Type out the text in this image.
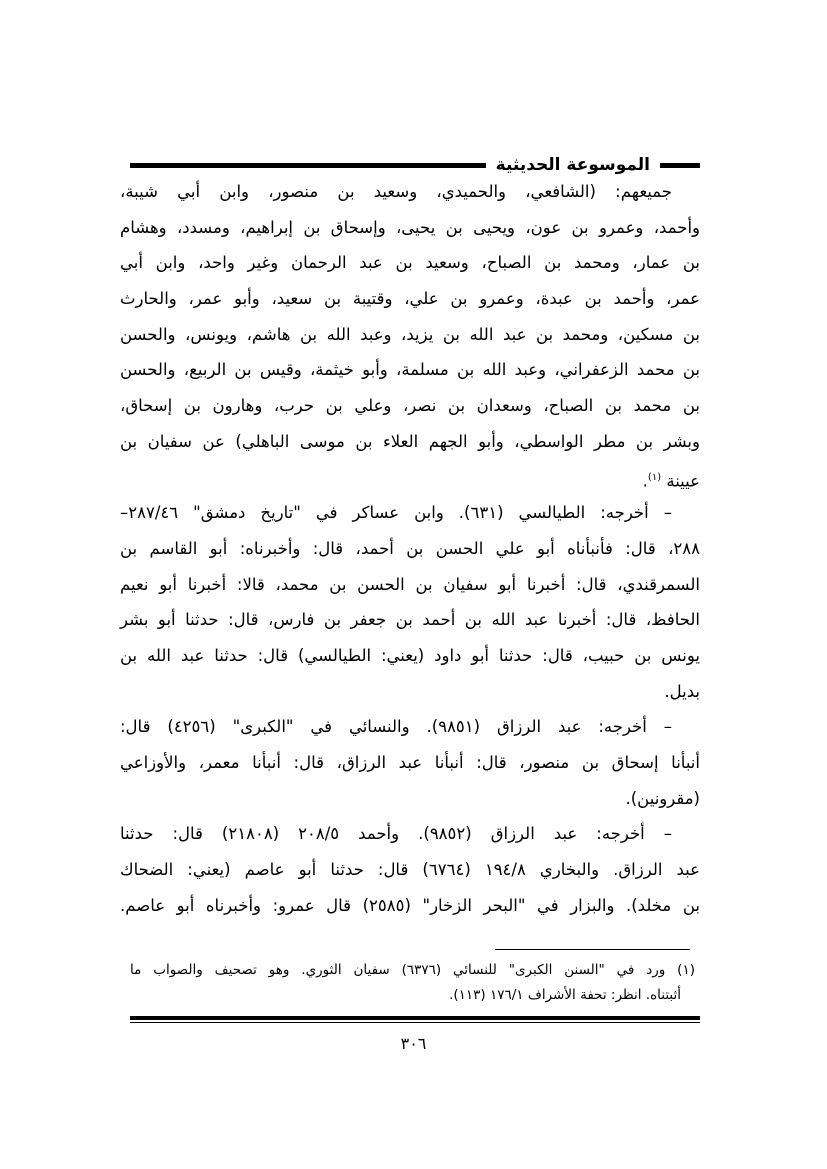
الموسوعة الحديثية
جميعهم: (الشافعي، والحميدي، وسعيد بن منصور، وابن أبي شيبة،
وأحمد، وعمرو بن عون، ويحيى بن يحيى، وإسحاق بن إبراهيم، ومسدد، وهشام
بن عمار، ومحمد بن الصباح، وسعيد بن عبد الرحمان وغير واحد، وابن أبي
عمر، وأحمد بن عبدة، وعمرو بن علي، وقتيبة بن سعيد، وأبو عمر، والحارث
بن مسكين، ومحمد بن عبد الله بن يزيد، وعبد الله بن هاشم، ويونس، والحسن
بن محمد الزعفراني، وعبد الله بن مسلمة، وأبو خيثمة، وقيس بن الربيع، والحسن
بن محمد بن الصباح، وسعدان بن نصر، وعلي بن حرب، وهارون بن إسحاق،
وبشر بن مطر الواسطي، وأبو الجهم العلاء بن موسى الباهلي) عن سفيان بن
عيينة $^{(١)}$.
– أخرجه: الطيالسي (٦٣١). وابن عساكر في "تاريخ دمشق" ٢٨٧/٤٦–
٢٨٨، قال: فأنبأناه أبو علي الحسن بن أحمد، قال: وأخبرناه: أبو القاسم بن
السمرقندي، قال: أخبرنا أبو سفيان بن الحسن بن محمد، قالا: أخبرنا أبو نعيم
الحافظ، قال: أخبرنا عبد الله بن أحمد بن جعفر بن فارس، قال: حدثنا أبو بشر
يونس بن حبيب، قال: حدثنا أبو داود (يعني: الطيالسي) قال: حدثنا عبد الله بن
بديل.
– أخرجه: عبد الرزاق (٩٨٥١). والنسائي في "الكبرى" (٤٢٥٦) قال:
أنبأنا إسحاق بن منصور، قال: أنبأنا عبد الرزاق، قال: أنبأنا معمر، والأوزاعي
(مقرونين).
– أخرجه: عبد الرزاق (٩٨٥٢). وأحمد ٢٠٨/٥ (٢١٨٠٨) قال: حدثنا
عبد الرزاق. والبخاري ١٩٤/٨ (٦٧٦٤) قال: حدثنا أبو عاصم (يعني: الضحاك
بن مخلد). والبزار في "البحر الزخار" (٢٥٨٥) قال عمرو: وأخبرناه أبو عاصم.
(١) ورد في "السنن الكبرى" للنسائي (٦٣٧٦) سفيان الثوري. وهو تصحيف والصواب ما
أثبتناه. انظر: تحفة الأشراف ١٧٦/١ (١١٣).
٣٠٦
